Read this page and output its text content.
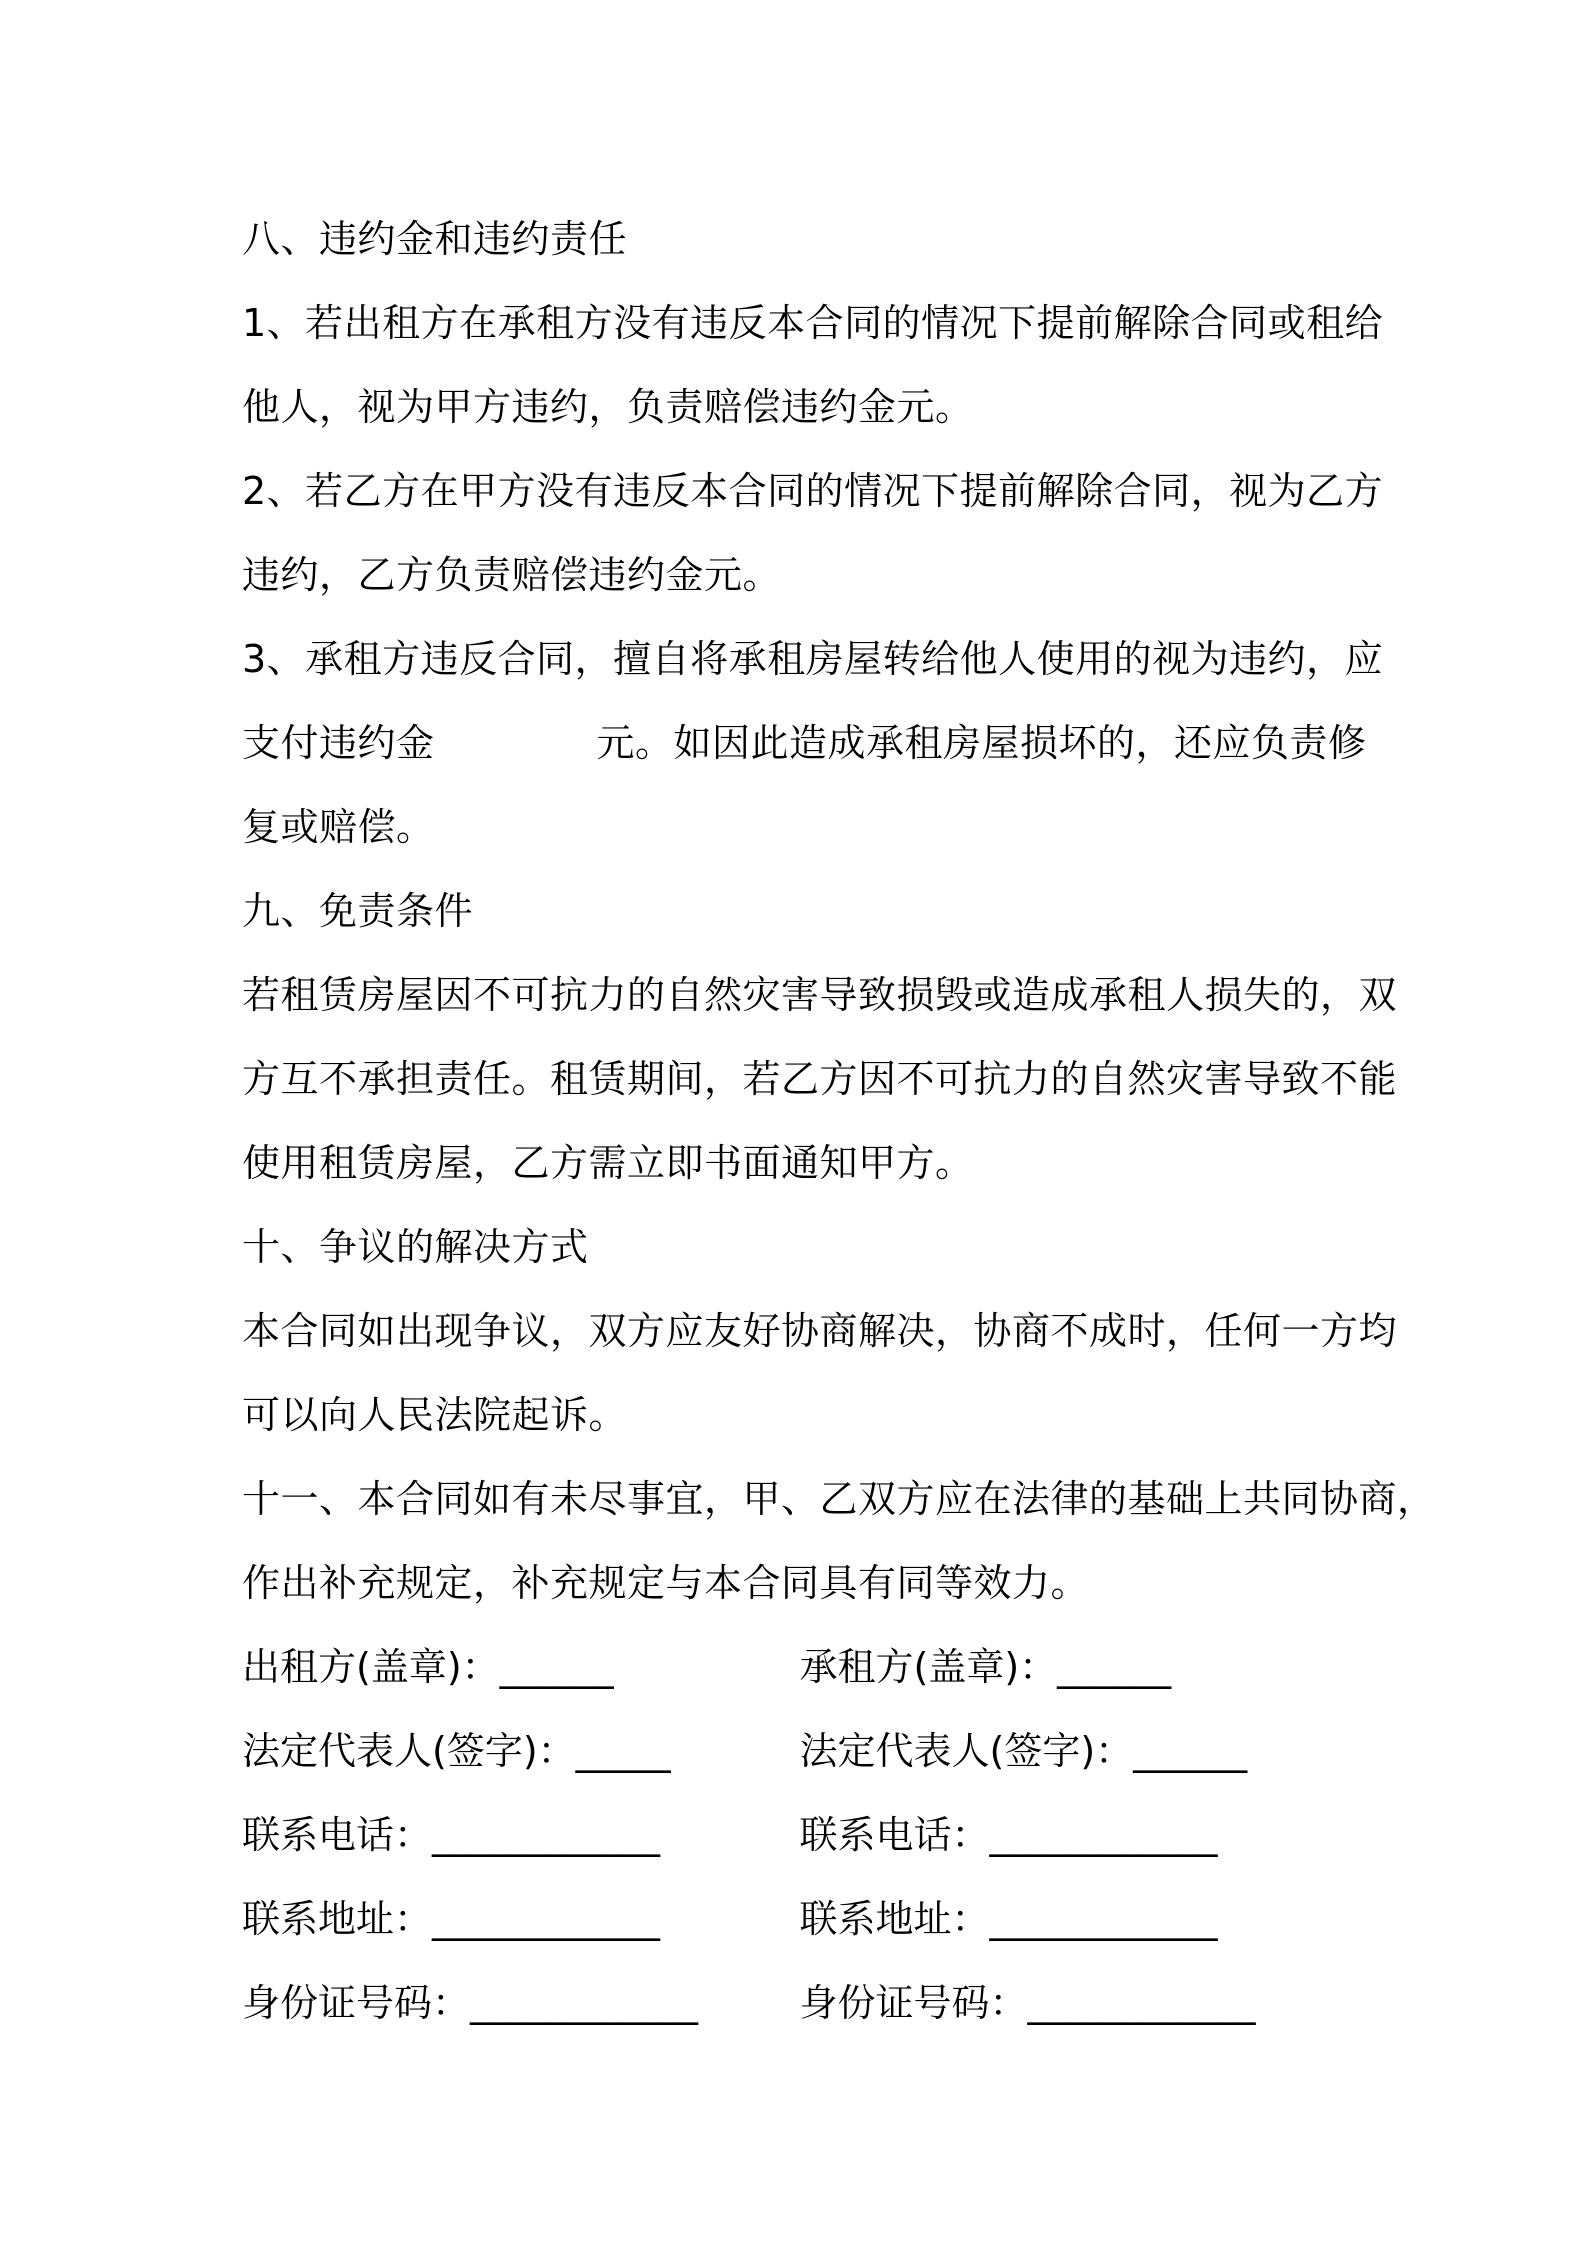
八、违约金和违约责任
1、若出租方在承租方没有违反本合同的情况下提前解除合同或租给
他人，视为甲方违约，负责赔偿违约金元。
2、若乙方在甲方没有违反本合同的情况下提前解除合同，视为乙方
违约，乙方负责赔偿违约金元。
3、承租方违反合同，擅自将承租房屋转给他人使用的视为违约，应
支付违约金	元。如因此造成承租房屋损坏的，还应负责修
复或赔偿。
九、免责条件
若租赁房屋因不可抗力的自然灾害导致损毁或造成承租人损失的，双
方互不承担责任。租赁期间，若乙方因不可抗力的自然灾害导致不能
使用租赁房屋，乙方需立即书面通知甲方。
十、争议的解决方式
本合同如出现争议，双方应友好协商解决，协商不成时，任何一方均
可以向人民法院起诉。
十一、本合同如有未尽事宜，甲、乙双方应在法律的基础上共同协商，
作出补充规定，补充规定与本合同具有同等效力。
出租方(盖章)：______	承租方(盖章)：______
法定代表人(签字)：_____	法定代表人(签字)：______
联系电话：____________	联系电话：____________
联系地址：____________	联系地址：____________
身份证号码：____________	身份证号码：____________
